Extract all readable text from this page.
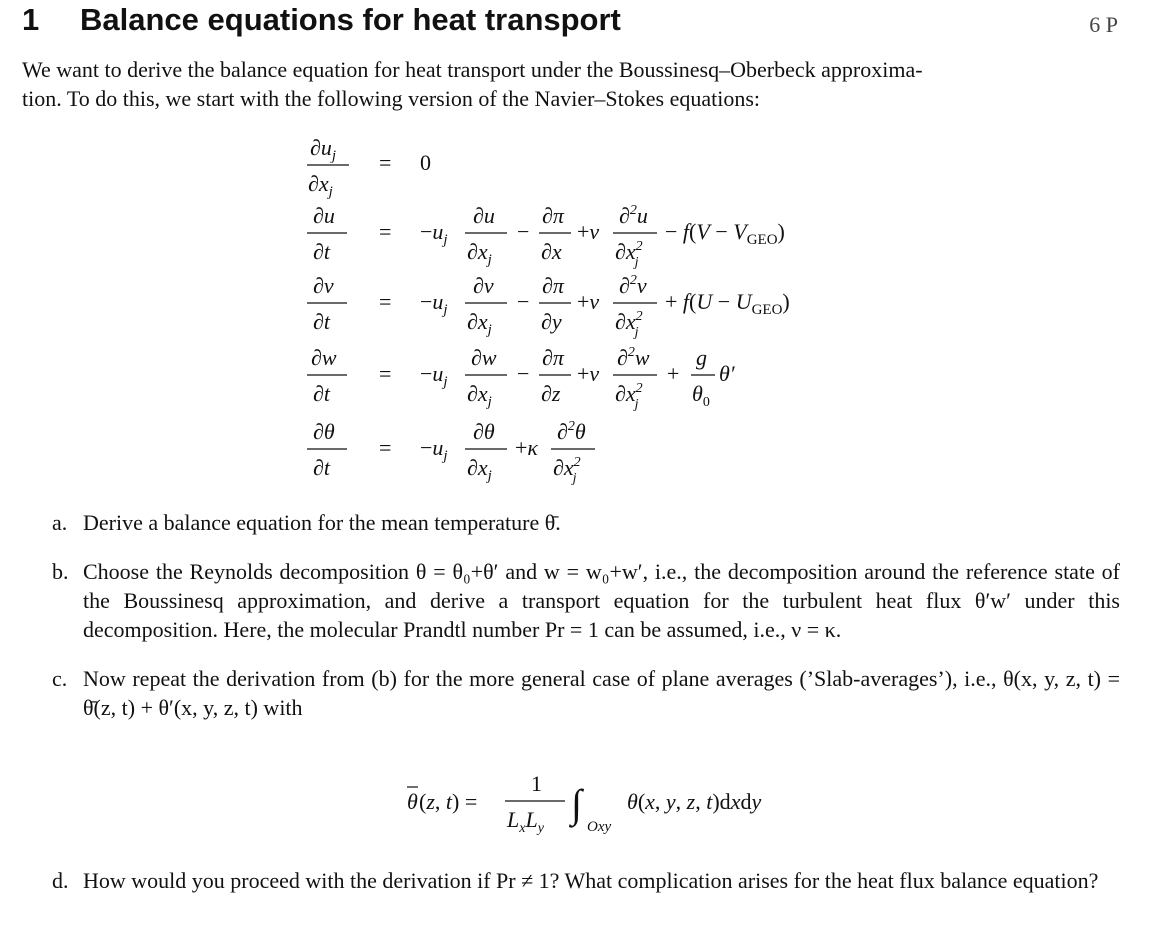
1 Balance equations for heat transport	6 P
We want to derive the balance equation for heat transport under the Boussinesq–Oberbeck approxima-
tion. To do this, we start with the following version of the Navier–Stokes equations:
$\partial u_j$
$\partial x_j$
= 0
∂u
∂t
= $-u_j$
∂u
$\partial x_j$
−
∂π
∂x
+ν
∂$^2$u
$\partial x^2$ j
− $f(V - V_{GEO})$
∂v
∂t
= $-u_j$
∂v
$\partial x_j$
−
∂π
∂y
+ν
∂$^2$v
$\partial x^2$ j
+ $f(U - U_{GEO})$
∂w
∂t
= $-u_j$
∂w
$\partial x_j$
−
∂π
∂z
+ν
∂$^2$w
$\partial x^2$ j
+
g
$\theta_0$
θ′
∂θ
∂t
= $-u_j$
∂θ
$\partial x_j$
+κ
∂$^2$θ
$\partial x^2$ j
a. Derive a balance equation for the mean temperature θ̄.
b. Choose the Reynolds decomposition θ = θ₀+θ′ and w = w₀+w′, i.e., the decomposition around the reference state of the Boussinesq approximation, and derive a transport equation for the turbulent heat flux θ′w′ under this decomposition. Here, the molecular Prandtl number Pr = 1 can be assumed, i.e., ν = κ.
c. Now repeat the derivation from (b) for the more general case of plane averages (’Slab-averages’), i.e., θ(x, y, z, t) = θ̄(z, t) + θ′(x, y, z, t) with
θ (z, t) =
1
$L_xL_y$
∫
Oxy
θ(x, y, z, t)dxdy
d. How would you proceed with the derivation if Pr ≠ 1? What complication arises for the heat flux balance equation?
